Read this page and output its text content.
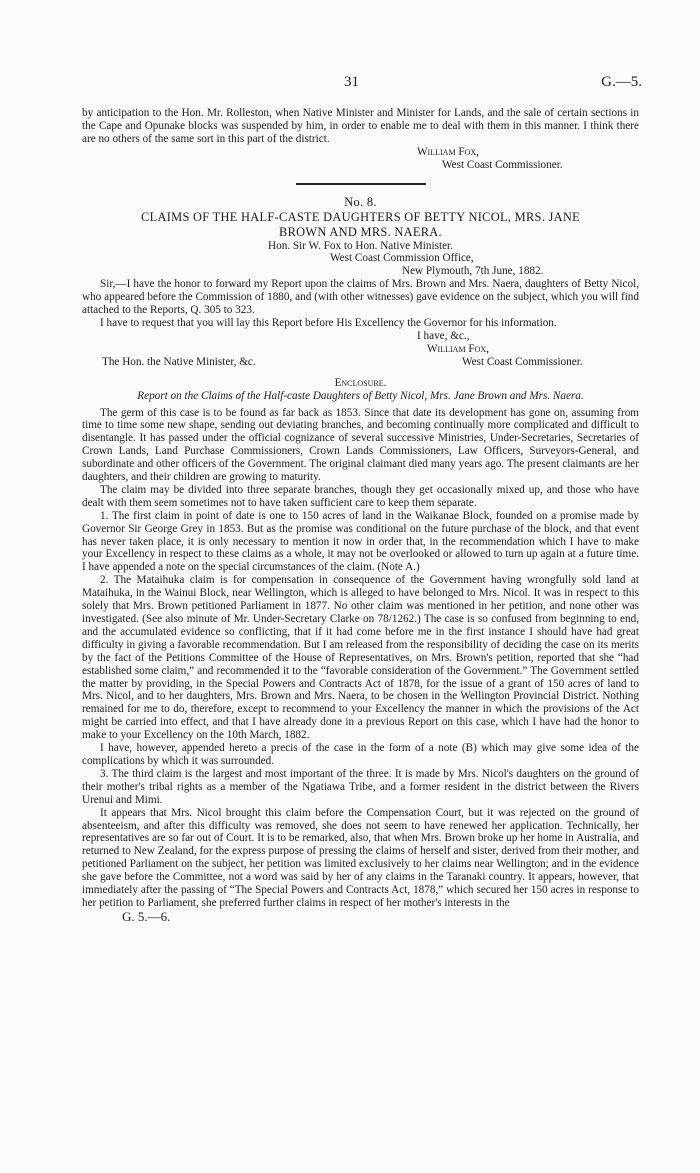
31	G.—5.

by anticipation to the Hon. Mr. Rolleston, when Native Minister and Minister for Lands, and the sale of certain sections in the Cape and Opunake blocks was suspended by him, in order to enable me to deal with them in this manner. I think there are no others of the same sort in this part of the district.

William Fox,

West Coast Commissioner.

No. 8.

CLAIMS OF THE HALF-CASTE DAUGHTERS OF BETTY NICOL, MRS. JANE

BROWN AND MRS. NAERA.

Hon. Sir W. Fox to Hon. Native Minister.

West Coast Commission Office,

New Plymouth, 7th June, 1882.

Sir,—I have the honor to forward my Report upon the claims of Mrs. Brown and Mrs. Naera, daughters of Betty Nicol, who appeared before the Commission of 1880, and (with other witnesses) gave evidence on the subject, which you will find attached to the Reports, Q. 305 to 323.

I have to request that you will lay this Report before His Excellency the Governor for his information.

I have, &c.,

William Fox,

The Hon. the Native Minister, &c.	West Coast Commissioner.

Enclosure.

Report on the Claims of the Half-caste Daughters of Betty Nicol, Mrs. Jane Brown and Mrs. Naera.

The germ of this case is to be found as far back as 1853. Since that date its development has gone on, assuming from time to time some new shape, sending out deviating branches, and becoming continually more complicated and difficult to disentangle. It has passed under the official cognizance of several successive Ministries, Under-Secretaries, Secretaries of Crown Lands, Land Purchase Commissioners, Crown Lands Commissioners, Law Officers, Surveyors-General, and subordinate and other officers of the Government. The original claimant died many years ago. The present claimants are her daughters, and their children are growing to maturity.

The claim may be divided into three separate branches, though they get occasionally mixed up, and those who have dealt with them seem sometimes not to have taken sufficient care to keep them separate.

1. The first claim in point of date is one to 150 acres of land in the Waikanae Block, founded on a promise made by Governor Sir George Grey in 1853. But as the promise was conditional on the future purchase of the block, and that event has never taken place, it is only necessary to mention it now in order that, in the recommendation which I have to make your Excellency in respect to these claims as a whole, it may not be overlooked or allowed to turn up again at a future time. I have appended a note on the special circumstances of the claim. (Note A.)

2. The Mataihuka claim is for compensation in consequence of the Government having wrongfully sold land at Mataihuka, in the Wainui Block, near Wellington, which is alleged to have belonged to Mrs. Nicol. It was in respect to this solely that Mrs. Brown petitioned Parliament in 1877. No other claim was mentioned in her petition, and none other was investigated. (See also minute of Mr. Under-Secretary Clarke on 78/1262.) The case is so confused from beginning to end, and the accumulated evidence so conflicting, that if it had come before me in the first instance I should have had great difficulty in giving a favorable recommendation. But I am released from the responsibility of deciding the case on its merits by the fact of the Petitions Committee of the House of Representatives, on Mrs. Brown's petition, reported that she “had established some claim,” and recommended it to the “favorable consideration of the Government.” The Government settled the matter by providing, in the Special Powers and Contracts Act of 1878, for the issue of a grant of 150 acres of land to Mrs. Nicol, and to her daughters, Mrs. Brown and Mrs. Naera, to be chosen in the Wellington Provincial District. Nothing remained for me to do, therefore, except to recommend to your Excellency the manner in which the provisions of the Act might be carried into effect, and that I have already done in a previous Report on this case, which I have had the honor to make to your Excellency on the 10th March, 1882.

I have, however, appended hereto a precis of the case in the form of a note (B) which may give some idea of the complications by which it was surrounded.

3. The third claim is the largest and most important of the three. It is made by Mrs. Nicol's daughters on the ground of their mother's tribal rights as a member of the Ngatiawa Tribe, and a former resident in the district between the Rivers Urenui and Mimi.

It appears that Mrs. Nicol brought this claim before the Compensation Court, but it was rejected on the ground of absenteeism, and after this difficulty was removed, she does not seem to have renewed her application. Technically, her representatives are so far out of Court. It is to be remarked, also, that when Mrs. Brown broke up her home in Australia, and returned to New Zealand, for the express purpose of pressing the claims of herself and sister, derived from their mother, and petitioned Parliament on the subject, her petition was limited exclusively to her claims near Wellington; and in the evidence she gave before the Committee, not a word was said by her of any claims in the Taranaki country. It appears, however, that immediately after the passing of “The Special Powers and Contracts Act, 1878,” which secured her 150 acres in response to her petition to Parliament, she preferred further claims in respect of her mother's interests in the

G. 5.—6.
